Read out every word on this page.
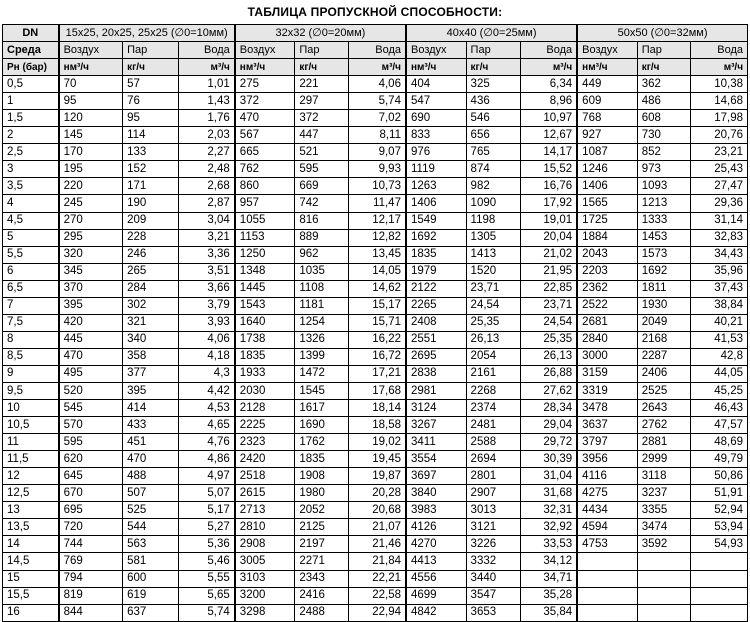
ТАБЛИЦА ПРОПУСКНОЙ СПОСОБНОСТИ:
DN	15x25, 20x25, 25x25 (∅0=10мм)			32x32 (∅0=20мм)			40x40 (∅0=25мм)			50x50 (∅0=32мм)		
Среда	Воздух	Пар	Вода	Воздух	Пар	Вода	Воздух	Пар	Вода	Воздух	Пар	Вода
Рн (бар)	нм³/ч	кг/ч	м³/ч	нм³/ч	кг/ч	м³/ч	нм³/ч	кг/ч	м³/ч	нм³/ч	кг/ч	м³/ч
0,5	70	57	1,01	275	221	4,06	404	325	6,34	449	362	10,38
1	95	76	1,43	372	297	5,74	547	436	8,96	609	486	14,68
1,5	120	95	1,76	470	372	7,02	690	546	10,97	768	608	17,98
2	145	114	2,03	567	447	8,11	833	656	12,67	927	730	20,76
2,5	170	133	2,27	665	521	9,07	976	765	14,17	1087	852	23,21
3	195	152	2,48	762	595	9,93	1119	874	15,52	1246	973	25,43
3,5	220	171	2,68	860	669	10,73	1263	982	16,76	1406	1093	27,47
4	245	190	2,87	957	742	11,47	1406	1090	17,92	1565	1213	29,36
4,5	270	209	3,04	1055	816	12,17	1549	1198	19,01	1725	1333	31,14
5	295	228	3,21	1153	889	12,82	1692	1305	20,04	1884	1453	32,83
5,5	320	246	3,36	1250	962	13,45	1835	1413	21,02	2043	1573	34,43
6	345	265	3,51	1348	1035	14,05	1979	1520	21,95	2203	1692	35,96
6,5	370	284	3,66	1445	1108	14,62	2122	23,71	22,85	2362	1811	37,43
7	395	302	3,79	1543	1181	15,17	2265	24,54	23,71	2522	1930	38,84
7,5	420	321	3,93	1640	1254	15,71	2408	25,35	24,54	2681	2049	40,21
8	445	340	4,06	1738	1326	16,22	2551	26,13	25,35	2840	2168	41,53
8,5	470	358	4,18	1835	1399	16,72	2695	2054	26,13	3000	2287	42,8
9	495	377	4,3	1933	1472	17,21	2838	2161	26,88	3159	2406	44,05
9,5	520	395	4,42	2030	1545	17,68	2981	2268	27,62	3319	2525	45,25
10	545	414	4,53	2128	1617	18,14	3124	2374	28,34	3478	2643	46,43
10,5	570	433	4,65	2225	1690	18,58	3267	2481	29,04	3637	2762	47,57
11	595	451	4,76	2323	1762	19,02	3411	2588	29,72	3797	2881	48,69
11,5	620	470	4,86	2420	1835	19,45	3554	2694	30,39	3956	2999	49,79
12	645	488	4,97	2518	1908	19,87	3697	2801	31,04	4116	3118	50,86
12,5	670	507	5,07	2615	1980	20,28	3840	2907	31,68	4275	3237	51,91
13	695	525	5,17	2713	2052	20,68	3983	3013	32,31	4434	3355	52,94
13,5	720	544	5,27	2810	2125	21,07	4126	3121	32,92	4594	3474	53,94
14	744	563	5,36	2908	2197	21,46	4270	3226	33,53	4753	3592	54,93
14,5	769	581	5,46	3005	2271	21,84	4413	3332	34,12			
15	794	600	5,55	3103	2343	22,21	4556	3440	34,71			
15,5	819	619	5,65	3200	2416	22,58	4699	3547	35,28			
16	844	637	5,74	3298	2488	22,94	4842	3653	35,84			
